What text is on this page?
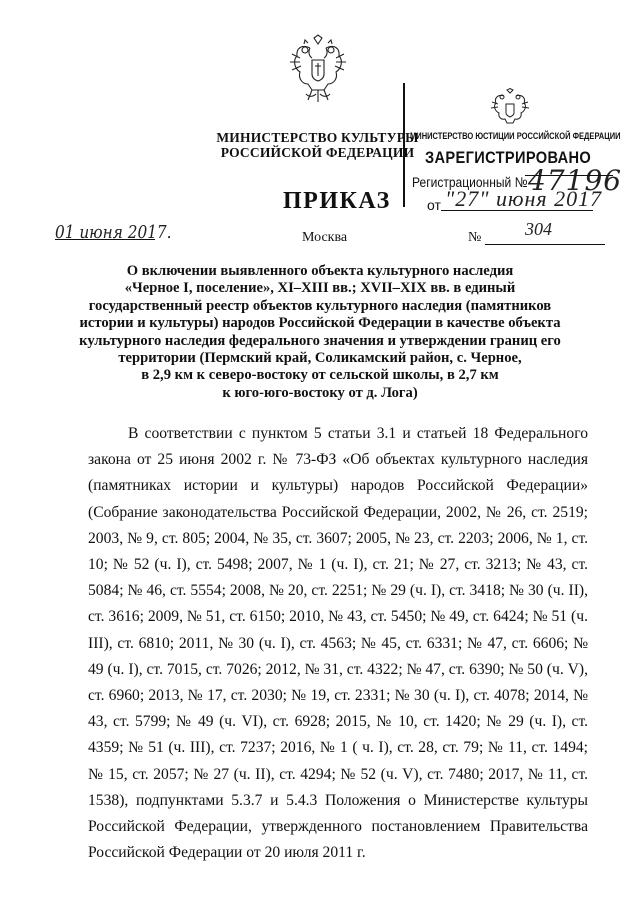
МИНИСТЕРСТВО КУЛЬТУРЫ
РОССИЙСКОЙ ФЕДЕРАЦИИ
МИНИСТЕРСТВО ЮСТИЦИИ РОССИЙСКОЙ ФЕДЕРАЦИИ
ЗАРЕГИСТРИРОВАНО
Регистрационный № 47196
от "27" июня 2017
ПРИКАЗ
01 июня 2017.	Москва	№ 304
О включении выявленного объекта культурного наследия
«Черное I, поселение», XI–XIII вв.; XVII–XIX вв. в единый
государственный реестр объектов культурного наследия (памятников
истории и культуры) народов Российской Федерации в качестве объекта
культурного наследия федерального значения и утверждении границ его
территории (Пермский край, Соликамский район, с. Черное,
в 2,9 км к северо-востоку от сельской школы, в 2,7 км
к юго-юго-востоку от д. Лога)

В соответствии с пунктом 5 статьи 3.1 и статьей 18 Федерального закона от 25 июня 2002 г. № 73-ФЗ «Об объектах культурного наследия (памятниках истории и культуры) народов Российской Федерации» (Собрание законодательства Российской Федерации, 2002, № 26, ст. 2519; 2003, № 9, ст. 805; 2004, № 35, ст. 3607; 2005, № 23, ст. 2203; 2006, № 1, ст. 10; № 52 (ч. I), ст. 5498; 2007, № 1 (ч. I), ст. 21; № 27, ст. 3213; № 43, ст. 5084; № 46, ст. 5554; 2008, № 20, ст. 2251; № 29 (ч. I), ст. 3418; № 30 (ч. II), ст. 3616; 2009, № 51, ст. 6150; 2010, № 43, ст. 5450; № 49, ст. 6424; № 51 (ч. III), ст. 6810; 2011, № 30 (ч. I), ст. 4563; № 45, ст. 6331; № 47, ст. 6606; № 49 (ч. I), ст. 7015, ст. 7026; 2012, № 31, ст. 4322; № 47, ст. 6390; № 50 (ч. V), ст. 6960; 2013, № 17, ст. 2030; № 19, ст. 2331; № 30 (ч. I), ст. 4078; 2014, № 43, ст. 5799; № 49 (ч. VI), ст. 6928; 2015, № 10, ст. 1420; № 29 (ч. I), ст. 4359; № 51 (ч. III), ст. 7237; 2016, № 1 ( ч. I), ст. 28, ст. 79; № 11, ст. 1494; № 15, ст. 2057; № 27 (ч. II), ст. 4294; № 52 (ч. V), ст. 7480; 2017, № 11, ст. 1538), подпунктами 5.3.7 и 5.4.3 Положения о Министерстве культуры Российской Федерации, утвержденного постановлением Правительства Российской Федерации от 20 июля 2011 г.
